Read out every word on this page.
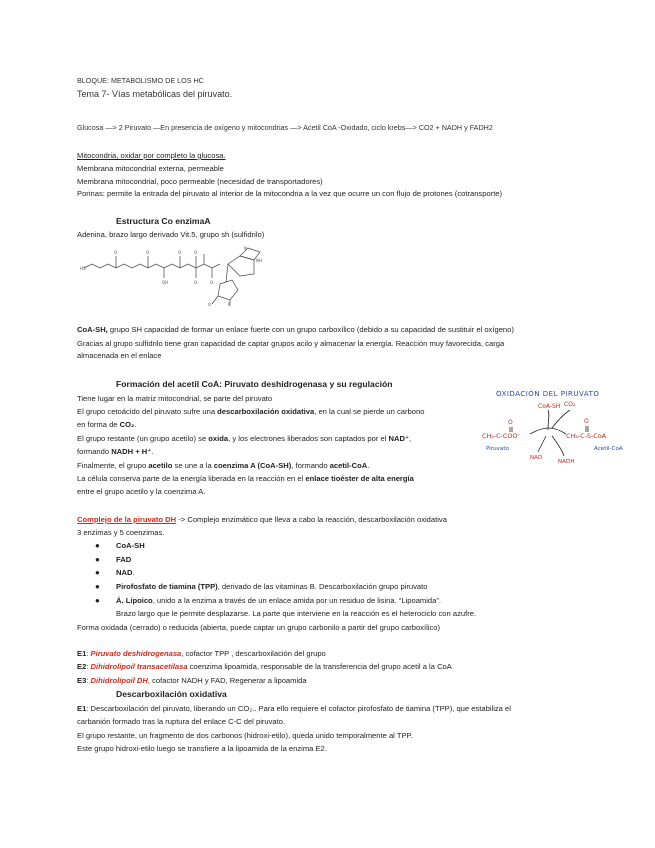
BLOQUE: METABOLISMO DE LOS HC
Tema 7- Vías metabólicas del piruvato.
Glucosa —> 2 Piruvato —En presencia de oxígeno y mitocondrias —> Acetil CoA -Oxidado, ciclo krebs—> CO2 + NADH y FADH2
Mitocondria, oxidar por completo la glucosa.
Membrana mitocondrial externa, permeable
Membrana mitocondrial, poco permeable (necesidad de transportadores)
Porinas: permite la entrada del piruvato al interior de la mitocondria a la vez que ocurre un con flujo de protones (cotransporte)
Estructura Co enzimaA
Adenina, brazo largo derivado Vit.5, grupo sh (sulfidrilo)
HS
O	O
OH
O	O
O	O
N
NH
P
O
CoA-SH, grupo SH capacidad de formar un enlace fuerte con un grupo carboxílico (debido a su capacidad de sustituir el oxígeno)
Gracias al grupo sulfidrilo tiene gran capacidad de captar grupos acilo y almacenar la energía. Reacción muy favorecida, carga
almacenada en el enlace
Formación del acetil CoA: Piruvato deshidrogenasa y su regulación
Tiene lugar en la matriz mitocondrial, se parte del piruvato
El grupo cetoácido del piruvato sufre una descarboxilación oxidativa, en la cual se pierde un carbono
en forma de CO₂.
El grupo restante (un grupo acetilo) se oxida, y los electrones liberados son captados por el NAD⁺,
formando NADH + H⁺.
Finalmente, el grupo acetilo se une a la coenzima A (CoA-SH), formando acetil-CoA.
La célula conserva parte de la energía liberada en la reacción en el enlace tioéster de alta energía
entre el grupo acetilo y la coenzima A.
OXIDACIÓN DEL PIRUVATO
CoA-SH CO₂
O	O
CH₃-C-COO⁻	CH₃-C-S-CoA
Piruvato	Acetil-CoA
NAD
NADH
Complejo de la piruvato DH -> Complejo enzimático que lleva a cabo la reacción, descarboxilación oxidativa
3 enzimas y 5 coenzimas.
● CoA-SH
● FAD
● NAD.
● Pirofosfato de tiamina (TPP), derivado de las vitaminas B. Descarboxilación grupo piruvato
● Á. Lipoico, unido a la enzima a través de un enlace amida por un residuo de lisina. “Lipoamida”.
Brazo largo que le permite desplazarse. La parte que interviene en la reacción es el heterociclo con azufre.
Forma oxidada (cerrado) o reducida (abierta, puede captar un grupo carbonilo a partir del grupo carboxílico)
E1: Piruvato deshidrogenasa, cofactor TPP , descarboxilación del grupo
E2: Dihidrolipoil transacetilasa coenzima lipoamida, responsable de la transferencia del grupo acetil a la CoA
E3: Dihidrolipoil DH, cofactor NADH y FAD, Regenerar a lipoamida
Descarboxilación oxidativa
E1: Descarboxilación del piruvato, liberando un CO₂.. Para ello requiere el cofactor pirofosfato de tiamina (TPP), que estabiliza el
carbanión formado tras la ruptura del enlace C-C del piruvato.
El grupo restante, un fragmento de dos carbonos (hidroxi-etilo), queda unido temporalmente al TPP.
Este grupo hidroxi-etilo luego se transfiere a la lipoamida de la enzima E2.
